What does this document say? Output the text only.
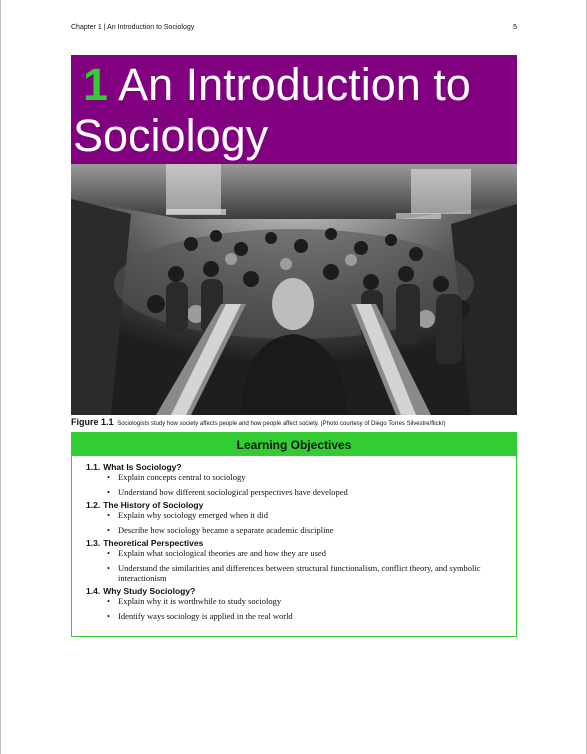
Chapter 1 | An Introduction to Sociology	5
1 An Introduction to Sociology
Figure 1.1 Sociologists study how society affects people and how people affect society. (Photo courtesy of Diego Torres Silvestre/flickr)
Learning Objectives
1.1. What Is Sociology?
• Explain concepts central to sociology
• Understand how different sociological perspectives have developed
1.2. The History of Sociology
• Explain why sociology emerged when it did
• Describe how sociology became a separate academic discipline
1.3. Theoretical Perspectives
• Explain what sociological theories are and how they are used
• Understand the similarities and differences between structural functionalism, conflict theory, and symbolic interactionism
1.4. Why Study Sociology?
• Explain why it is worthwhile to study sociology
• Identify ways sociology is applied in the real world
